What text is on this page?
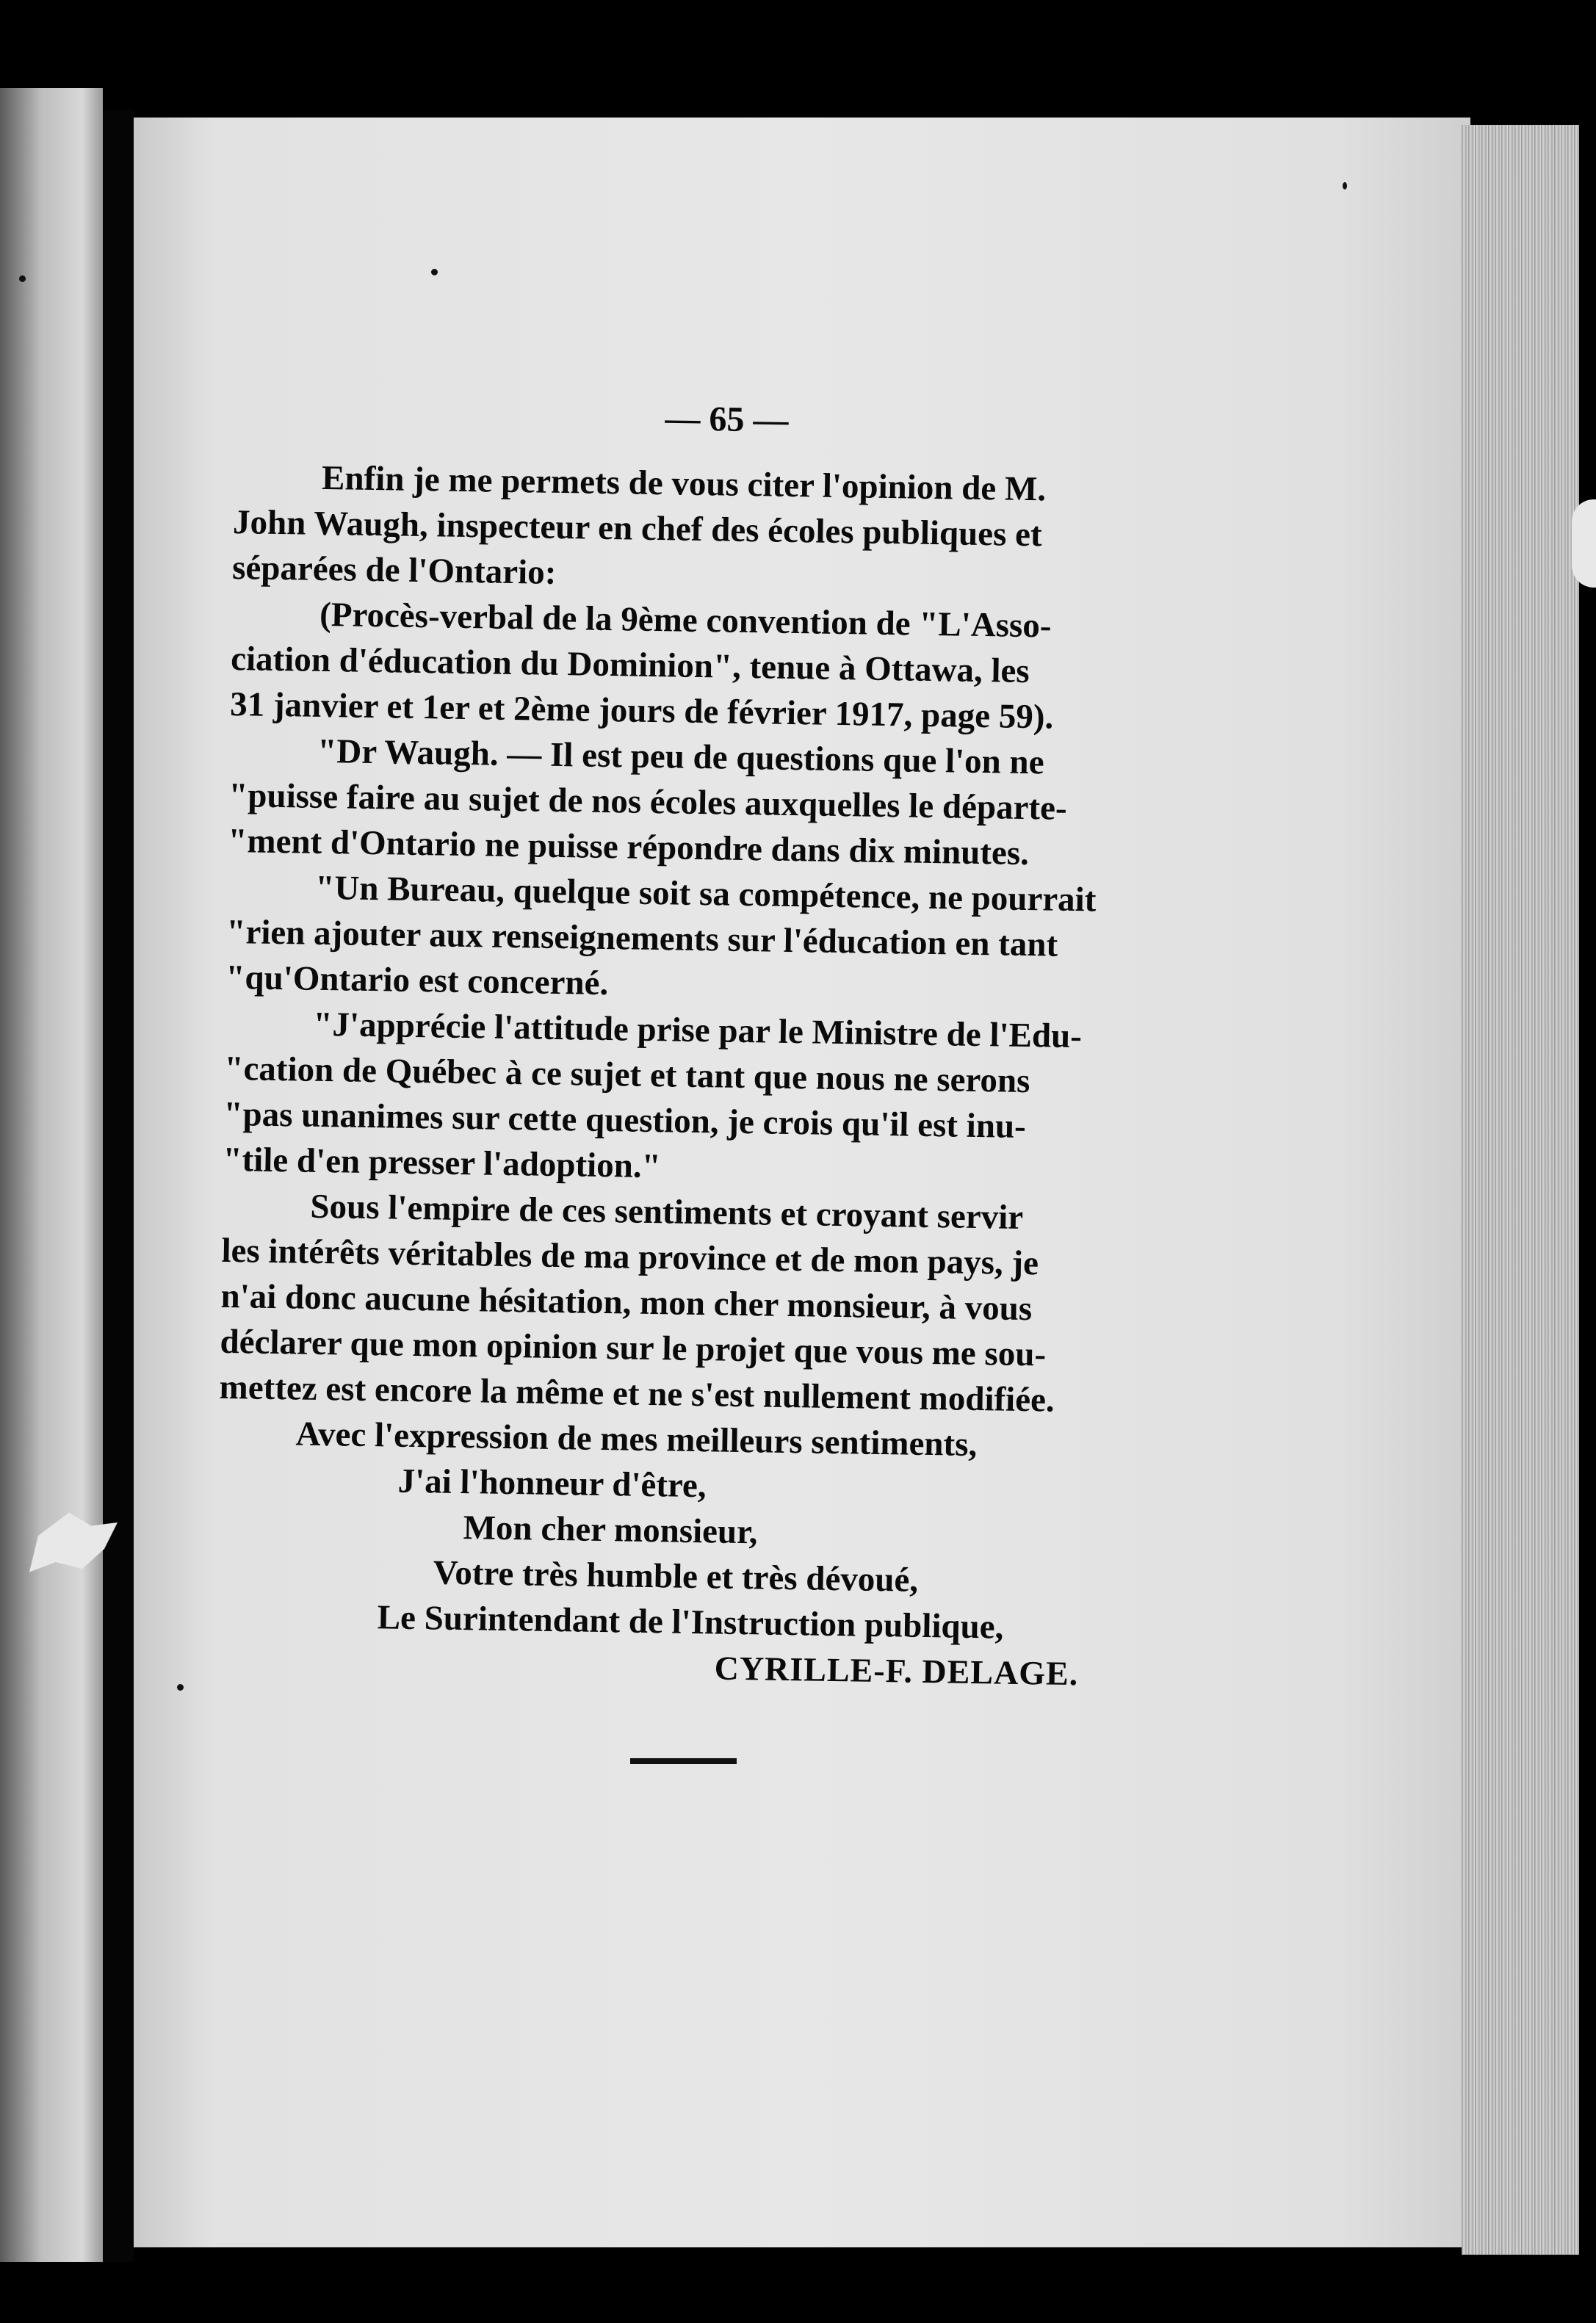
— 65 —

Enfin je me permets de vous citer l'opinion de M.
John Waugh, inspecteur en chef des écoles publiques et
séparées de l'Ontario:

(Procès-verbal de la 9ème convention de "L'Asso-
ciation d'éducation du Dominion", tenue à Ottawa, les
31 janvier et 1er et 2ème jours de février 1917, page 59).

"Dr Waugh. — Il est peu de questions que l'on ne
"puisse faire au sujet de nos écoles auxquelles le départe-
"ment d'Ontario ne puisse répondre dans dix minutes.

"Un Bureau, quelque soit sa compétence, ne pourrait
"rien ajouter aux renseignements sur l'éducation en tant
"qu'Ontario est concerné.

"J'apprécie l'attitude prise par le Ministre de l'Edu-
"cation de Québec à ce sujet et tant que nous ne serons
"pas unanimes sur cette question, je crois qu'il est inu-
"tile d'en presser l'adoption."

Sous l'empire de ces sentiments et croyant servir
les intérêts véritables de ma province et de mon pays, je
n'ai donc aucune hésitation, mon cher monsieur, à vous
déclarer que mon opinion sur le projet que vous me sou-
mettez est encore la même et ne s'est nullement modifiée.

Avec l'expression de mes meilleurs sentiments,
J'ai l'honneur d'être,
Mon cher monsieur,
Votre très humble et très dévoué,
Le Surintendant de l'Instruction publique,
CYRILLE-F. DELAGE.
